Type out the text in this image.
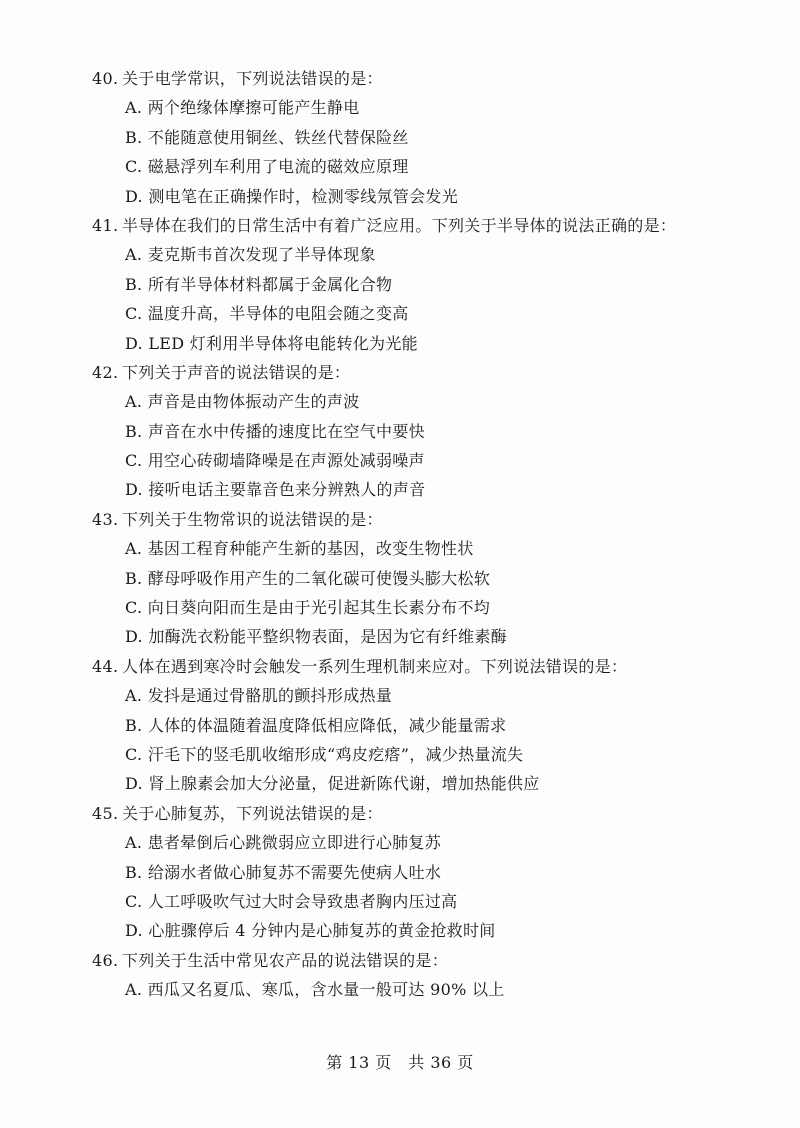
40. 关于电学常识，下列说法错误的是：
A. 两个绝缘体摩擦可能产生静电
B. 不能随意使用铜丝、铁丝代替保险丝
C. 磁悬浮列车利用了电流的磁效应原理
D. 测电笔在正确操作时，检测零线氖管会发光
41. 半导体在我们的日常生活中有着广泛应用。下列关于半导体的说法正确的是：
A. 麦克斯韦首次发现了半导体现象
B. 所有半导体材料都属于金属化合物
C. 温度升高，半导体的电阻会随之变高
D. LED 灯利用半导体将电能转化为光能
42. 下列关于声音的说法错误的是：
A. 声音是由物体振动产生的声波
B. 声音在水中传播的速度比在空气中要快
C. 用空心砖砌墙降噪是在声源处减弱噪声
D. 接听电话主要靠音色来分辨熟人的声音
43. 下列关于生物常识的说法错误的是：
A. 基因工程育种能产生新的基因，改变生物性状
B. 酵母呼吸作用产生的二氧化碳可使馒头膨大松软
C. 向日葵向阳而生是由于光引起其生长素分布不均
D. 加酶洗衣粉能平整织物表面，是因为它有纤维素酶
44. 人体在遇到寒冷时会触发一系列生理机制来应对。下列说法错误的是：
A. 发抖是通过骨骼肌的颤抖形成热量
B. 人体的体温随着温度降低相应降低，减少能量需求
C. 汗毛下的竖毛肌收缩形成“鸡皮疙瘩”，减少热量流失
D. 肾上腺素会加大分泌量，促进新陈代谢，增加热能供应
45. 关于心肺复苏，下列说法错误的是：
A. 患者晕倒后心跳微弱应立即进行心肺复苏
B. 给溺水者做心肺复苏不需要先使病人吐水
C. 人工呼吸吹气过大时会导致患者胸内压过高
D. 心脏骤停后 4 分钟内是心肺复苏的黄金抢救时间
46. 下列关于生活中常见农产品的说法错误的是：
A. 西瓜又名夏瓜、寒瓜，含水量一般可达 90% 以上
第 13 页　共 36 页
